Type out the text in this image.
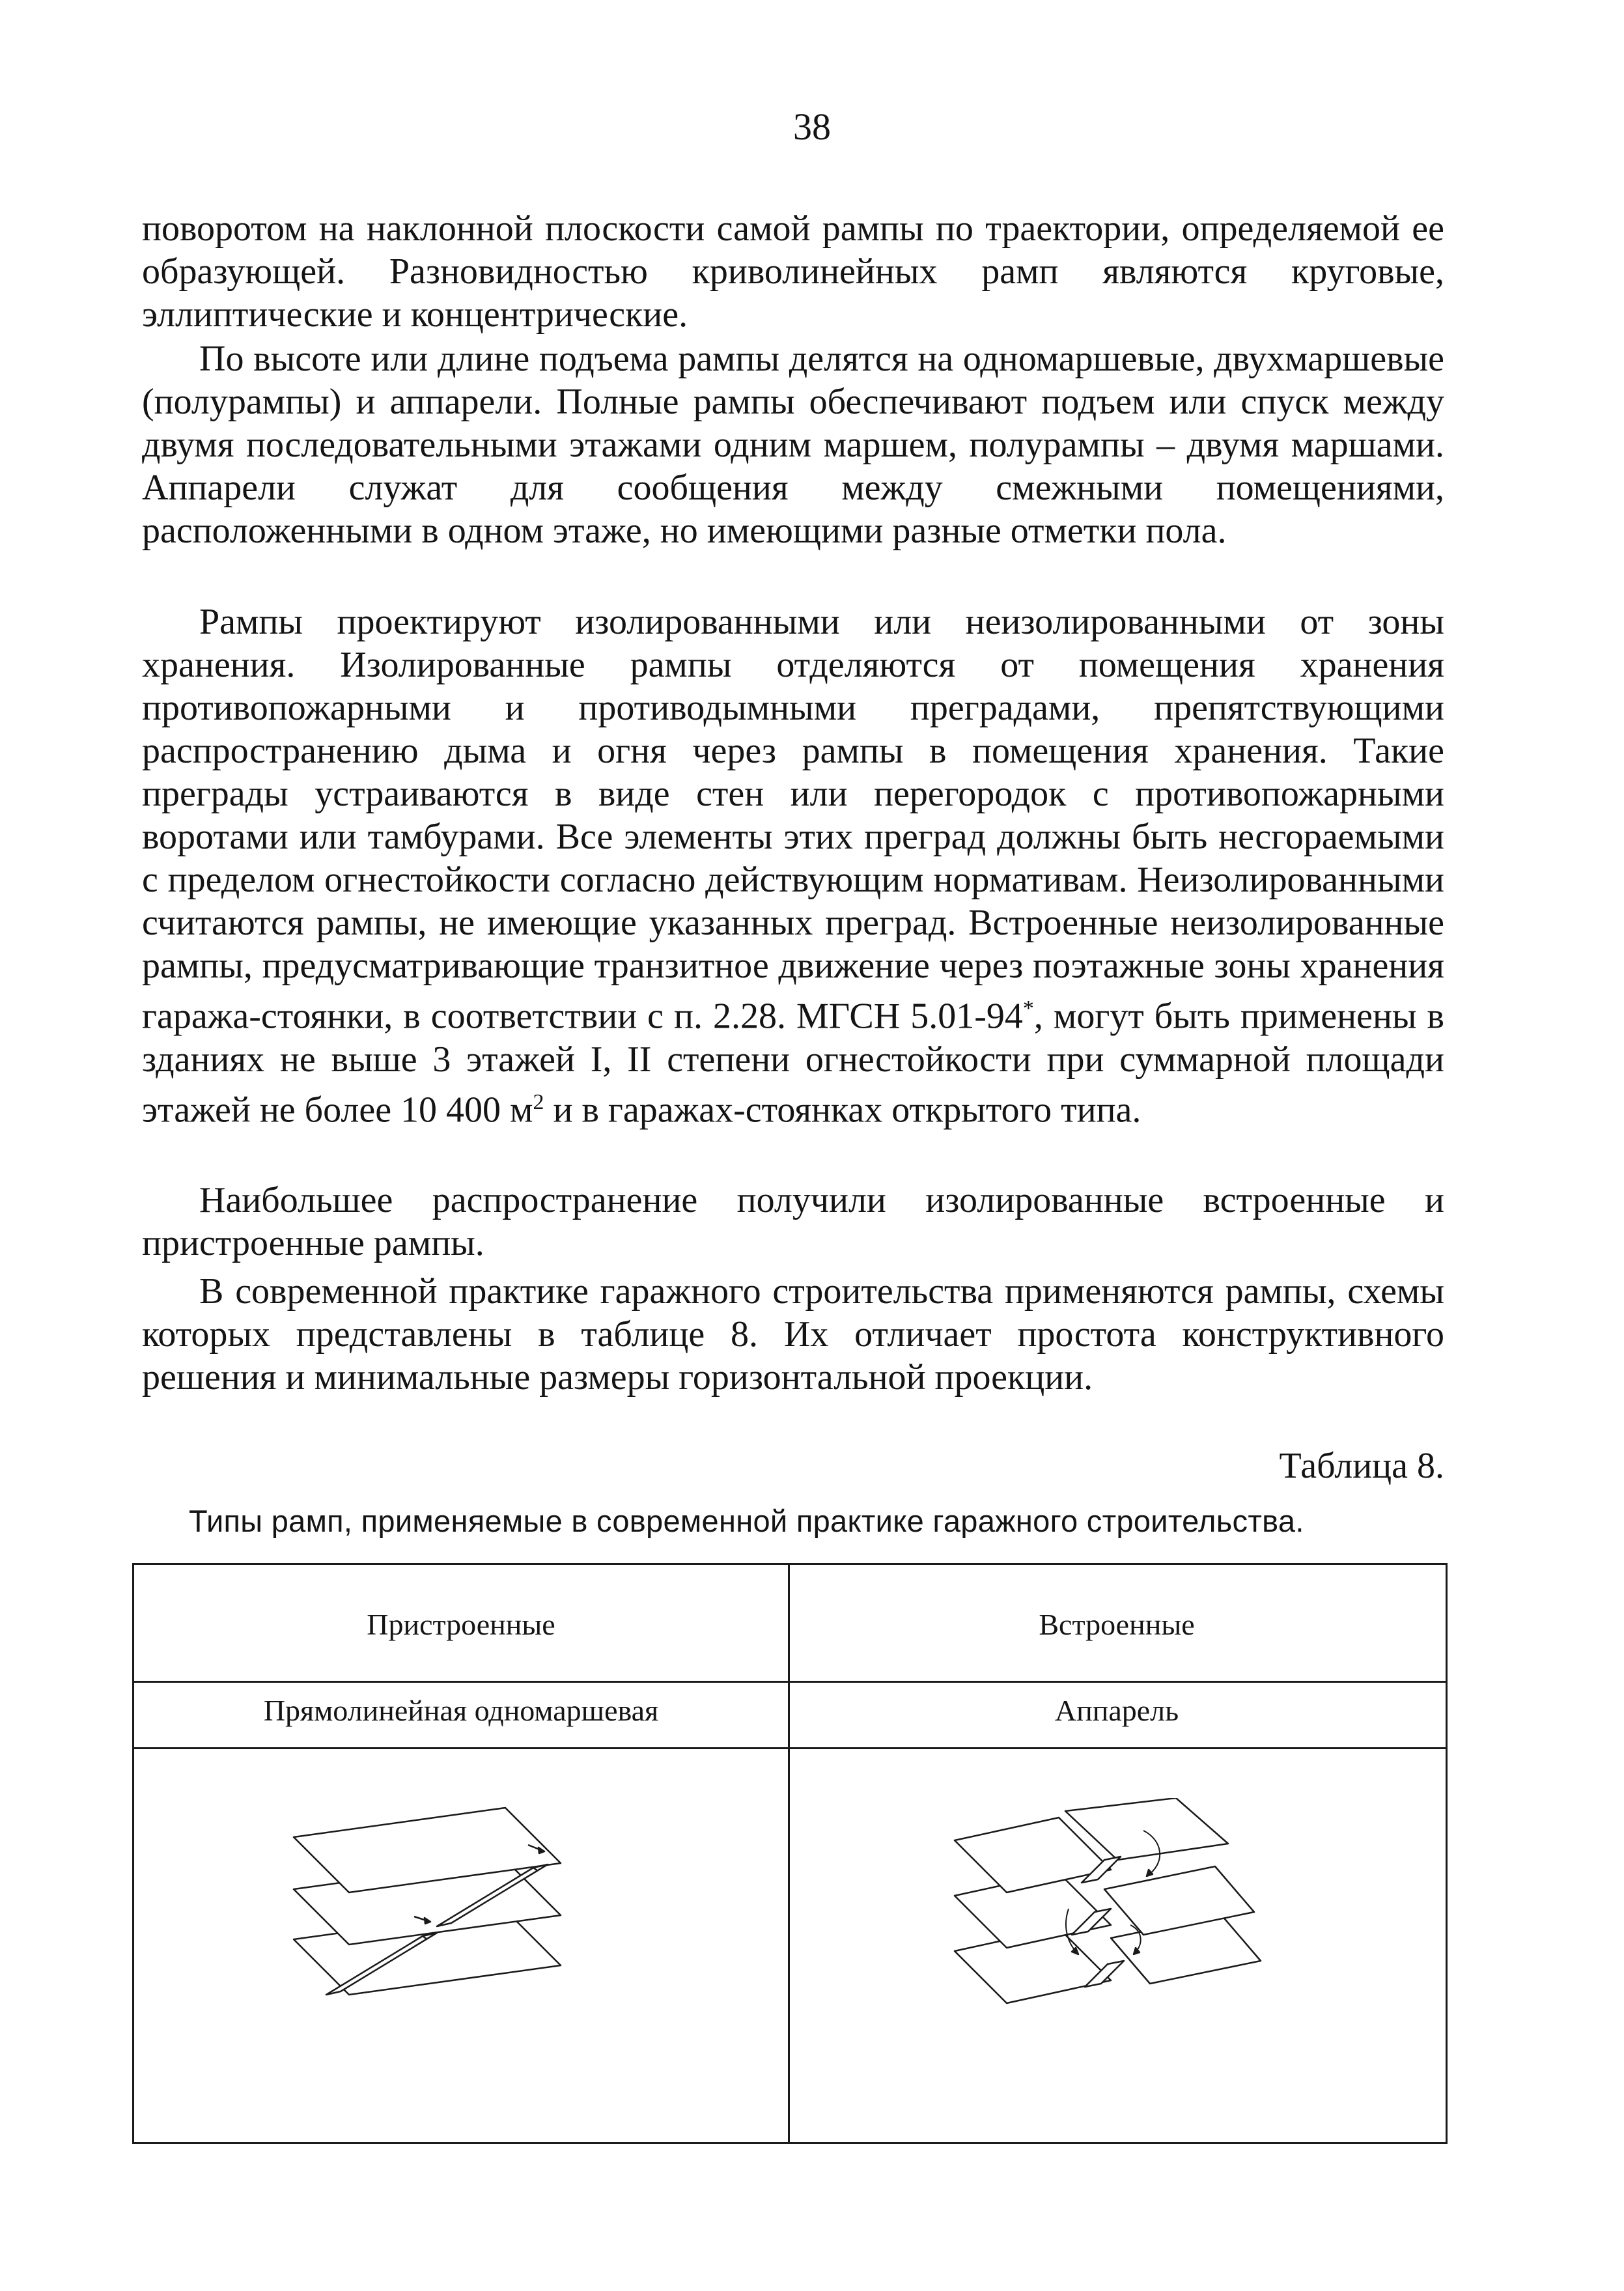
38

поворотом на наклонной плоскости самой рампы по траектории, определяемой ее образующей. Разновидностью криволинейных рамп являются круговые, эллиптические и концентрические.

По высоте или длине подъема рампы делятся на одномаршевые, двухмаршевые (полурампы) и аппарели. Полные рампы обеспечивают подъем или спуск между двумя последовательными этажами одним маршем, полурампы – двумя маршами. Аппарели служат для сообщения между смежными помещениями, расположенными в одном этаже, но имеющими разные отметки пола.

Рампы проектируют изолированными или неизолированными от зоны хранения. Изолированные рампы отделяются от помещения хранения противопожарными и противодымными преградами, препятствующими распространению дыма и огня через рампы в помещения хранения. Такие преграды устраиваются в виде стен или перегородок с противопожарными воротами или тамбурами. Все элементы этих преград должны быть несгораемыми с пределом огнестойкости согласно действующим нормативам. Неизолированными считаются рампы, не имеющие указанных преград. Встроенные неизолированные рампы, предусматривающие транзитное движение через поэтажные зоны хранения гаража-стоянки, в соответствии с п. 2.28. МГСН 5.01-94*, могут быть применены в зданиях не выше 3 этажей I, II степени огнестойкости при суммарной площади этажей не более 10 400 $м^2$ и в гаражах-стоянках открытого типа.

Наибольшее распространение получили изолированные встроенные и пристроенные рампы.

В современной практике гаражного строительства применяются рампы, схемы которых представлены в таблице 8. Их отличает простота конструктивного решения и минимальные размеры горизонтальной проекции.

Таблица 8.
Типы рамп, применяемые в современной практике гаражного строительства.
Пристроенные	Встроенные
Прямолинейная одномаршевая	Аппарель
